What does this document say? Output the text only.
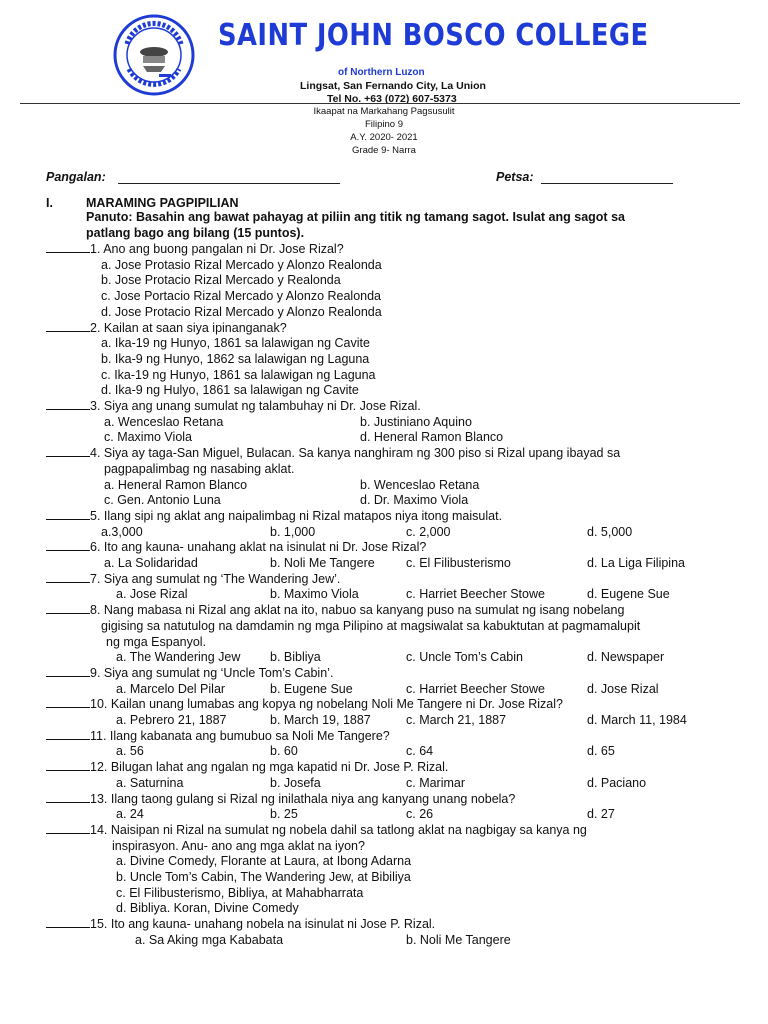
SAINT JOHN BOSCO COLLEGE
of Northern Luzon
Lingsat, San Fernando City, La Union
Tel No. +63 (072) 607-5373
Ikaapat na Markahang Pagsusulit
Filipino 9
A.Y. 2020- 2021
Grade 9- Narra
Pangalan:	Petsa:
I.	MARAMING PAGPIPILIAN
Panuto: Basahin ang bawat pahayag at piliin ang titik ng tamang sagot. Isulat ang sagot sa
patlang bago ang bilang (15 puntos).
1. Ano ang buong pangalan ni Dr. Jose Rizal?
a. Jose Protasio Rizal Mercado y Alonzo Realonda
b. Jose Protacio Rizal Mercado y Realonda
c. Jose Portacio Rizal Mercado y Alonzo Realonda
d. Jose Protacio Rizal Mercado y Alonzo Realonda
2. Kailan at saan siya ipinanganak?
a. Ika-19 ng Hunyo, 1861 sa lalawigan ng Cavite
b. Ika-9 ng Hunyo, 1862 sa lalawigan ng Laguna
c. Ika-19 ng Hunyo, 1861 sa lalawigan ng Laguna
d. Ika-9 ng Hulyo, 1861 sa lalawigan ng Cavite
3. Siya ang unang sumulat ng talambuhay ni Dr. Jose Rizal.
a. Wenceslao Retana	b. Justiniano Aquino
c. Maximo Viola	d. Heneral Ramon Blanco
4. Siya ay taga-San Miguel, Bulacan. Sa kanya nanghiram ng 300 piso si Rizal upang ibayad sa
pagpapalimbag ng nasabing aklat.
a. Heneral Ramon Blanco	b. Wenceslao Retana
c. Gen. Antonio Luna	d. Dr. Maximo Viola
5. Ilang sipi ng aklat ang naipalimbag ni Rizal matapos niya itong maisulat.
a.3,000	b. 1,000	c. 2,000	d. 5,000
6. Ito ang kauna- unahang aklat na isinulat ni Dr. Jose Rizal?
a. La Solidaridad	b. Noli Me Tangere	c. El Filibusterismo	d. La Liga Filipina
7. Siya ang sumulat ng ‘The Wandering Jew’.
a. Jose Rizal	b. Maximo Viola	c. Harriet Beecher Stowe	d. Eugene Sue
8. Nang mabasa ni Rizal ang aklat na ito, nabuo sa kanyang puso na sumulat ng isang nobelang
gigising sa natutulog na damdamin ng mga Pilipino at magsiwalat sa kabuktutan at pagmamalupit
ng mga Espanyol.
a. The Wandering Jew b. Bibliya	c. Uncle Tom’s Cabin	d. Newspaper
9. Siya ang sumulat ng ‘Uncle Tom’s Cabin’.
a. Marcelo Del Pilar	b. Eugene Sue	c. Harriet Beecher Stowe	d. Jose Rizal
10. Kailan unang lumabas ang kopya ng nobelang Noli Me Tangere ni Dr. Jose Rizal?
a. Pebrero 21, 1887	b. March 19, 1887	c. March 21, 1887	d. March 11, 1984
11. Ilang kabanata ang bumubuo sa Noli Me Tangere?
a. 56	b. 60	c. 64	d. 65
12. Bilugan lahat ang ngalan ng mga kapatid ni Dr. Jose P. Rizal.
a. Saturnina	b. Josefa	c. Marimar	d. Paciano
13. Ilang taong gulang si Rizal ng inilathala niya ang kanyang unang nobela?
a. 24	b. 25	c. 26	d. 27
14. Naisipan ni Rizal na sumulat ng nobela dahil sa tatlong aklat na nagbigay sa kanya ng
inspirasyon. Anu- ano ang mga aklat na iyon?
a. Divine Comedy, Florante at Laura, at Ibong Adarna
b. Uncle Tom’s Cabin, The Wandering Jew, at Bibiliya
c. El Filibusterismo, Bibliya, at Mahabharrata
d. Bibliya. Koran, Divine Comedy
15. Ito ang kauna- unahang nobela na isinulat ni Jose P. Rizal.
a. Sa Aking mga Kababata	b. Noli Me Tangere
